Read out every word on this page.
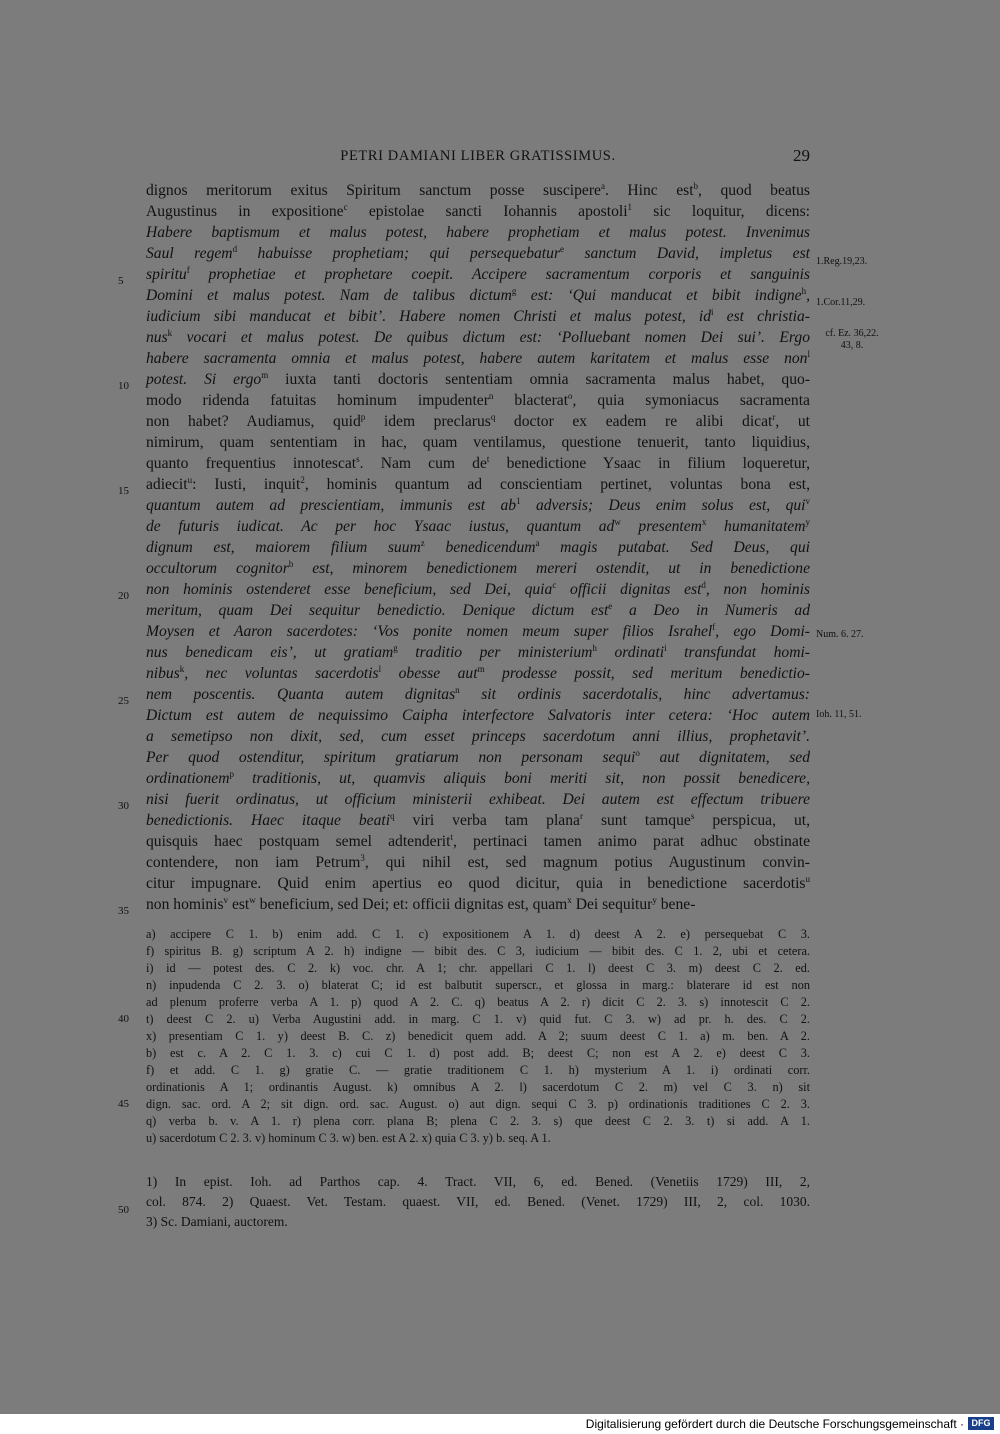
PETRI DAMIANI LIBER GRATISSIMUS.	29
dignos meritorum exitus Spiritum sanctum posse suscipere$^a$. Hinc est$^b$, quod beatus
Augustinus in expositione$^c$ epistolae sancti Iohannis apostoli$^1$ sic loquitur, dicens:
Habere baptismum et malus potest, habere prophetiam et malus potest. Invenimus
Saul regem$^d$ habuisse prophetiam; qui persequebatur$^e$ sanctum David, impletus est
spiritu$^f$ prophetiae et prophetare coepit. Accipere sacramentum corporis et sanguinis
Domini et malus potest. Nam de talibus dictum$^g$ est: ‘Qui manducat et bibit indigne$^h$,
iudicium sibi manducat et bibit’. Habere nomen Christi et malus potest, $id^i$ est christia-
nus$^k$ vocari et malus potest. De quibus dictum est: ‘Polluebant nomen Dei sui’. Ergo
habere sacramenta omnia et malus potest, habere autem karitatem et malus esse non$^l$
potest. Si ergo$^m$ iuxta tanti doctoris sententiam omnia sacramenta malus habet, quo-
modo ridenda fatuitas hominum impudenter$^n$ blacterat$^o$, quia symoniacus sacramenta
non habet? Audiamus, quid$^p$ idem preclarus$^q$ doctor ex eadem re alibi dicat$^r$, ut
nimirum, quam sententiam in hac, quam ventilamus, questione tenuerit, tanto liquidius,
quanto frequentius innotescat$^s$. Nam cum $de^t$ benedictione Ysaac in filium loqueretur,
adiecit$^u$: Iusti, inquit$^2$, hominis quantum ad conscientiam pertinet, voluntas bona est,
quantum autem ad prescientiam, immunis est $ab^1$ adversis; Deus enim solus est, qui$^v$
de futuris iudicat. Ac per hoc Ysaac iustus, quantum $ad^w$ presentem$^x$ humanitatem$^y$
dignum est, maiorem filium suum$^z$ benedicendum$^a$ magis putabat. Sed Deus, qui
occultorum cognitor$^b$ est, minorem benedictionem mereri ostendit, ut in benedictione
non hominis ostenderet esse beneficium, sed Dei, quia$^c$ officii dignitas est$^d$, non hominis
meritum, quam Dei sequitur benedictio. Denique dictum est$^e$ a Deo in Numeris ad
Moysen et Aaron sacerdotes: ‘Vos ponite nomen meum super filios Israhel$^f$, ego Domi-
nus benedicam eis’, ut gratiam$^g$ traditio per ministerium$^h$ ordinati$^i$ transfundat homi-
nibus$^k$, nec voluntas sacerdotis$^l$ obesse aut$^m$ prodesse possit, sed meritum benedictio-
nem poscentis. Quanta autem dignitas$^n$ sit ordinis sacerdotalis, hinc advertamus:
Dictum est autem de nequissimo Caipha interfectore Salvatoris inter cetera: ‘Hoc autem
a semetipso non dixit, sed, cum esset princeps sacerdotum anni illius, prophetavit’.
Per quod ostenditur, spiritum gratiarum non personam sequi$^o$ aut dignitatem, sed
ordinationem$^p$ traditionis, ut, quamvis aliquis boni meriti sit, non possit benedicere,
nisi fuerit ordinatus, ut officium ministerii exhibeat. Dei autem est effectum tribuere
benedictionis. Haec itaque beati$^q$ viri verba tam plana$^r$ sunt tamque$^s$ perspicua, ut,
quisquis haec postquam semel adtenderit$^t$, pertinaci tamen animo parat adhuc obstinate
contendere, non iam Petrum$^3$, qui nihil est, sed magnum potius Augustinum convin-
citur impugnare. Quid enim apertius eo quod dicitur, quia in benedictione sacerdotis$^u$
non hominis$^v$ est$^w$ beneficium, sed Dei; et: officii dignitas est, quam$^x$ Dei sequitur$^y$ bene-
5
10
15
20
25
30
35
1.Reg.19,23.
1.Cor.11,29.
cf. Ez. 36,22.
43, 8.
Num. 6. 27.
Ioh. 11, 51.
a) accipere C 1. b) enim add. C 1. c) expositionem A 1. d) deest A 2. e) persequebat C 3.
f) spiritus B. g) scriptum A 2. h) indigne — bibit des. C 3, iudicium — bibit des. C 1. 2, ubi et cetera.
i) id — potest des. C 2. k) voc. chr. A 1; chr. appellari C 1. l) deest C 3. m) deest C 2. ed.
n) inpudenda C 2. 3. o) blaterat C; id est balbutit superscr., et glossa in marg.: blaterare id est non
ad plenum proferre verba A 1. p) quod A 2. C. q) beatus A 2. r) dicit C 2. 3. s) innotescit C 2.
t) deest C 2. u) Verba Augustini add. in marg. C 1. v) quid fut. C 3. w) ad pr. h. des. C 2.
x) presentiam C 1. y) deest B. C. z) benedicit quem add. A 2; suum deest C 1. a) m. ben. A 2.
b) est c. A 2. C 1. 3. c) cui C 1. d) post add. B; deest C; non est A 2. e) deest C 3.
f) et add. C 1. g) gratie C. — gratie traditionem C 1. h) mysterium A 1. i) ordinati corr.
ordinationis A 1; ordinantis August. k) omnibus A 2. l) sacerdotum C 2. m) vel C 3. n) sit
dign. sac. ord. A 2; sit dign. ord. sac. August. o) aut dign. sequi C 3. p) ordinationis traditiones C 2. 3.
q) verba b. v. A 1. r) plena corr. plana B; plena C 2. 3. s) que deest C 2. 3. t) si add. A 1.
u) sacerdotum C 2. 3. v) hominum C 3. w) ben. est A 2. x) quia C 3. y) b. seq. A 1.
40
45
1) In epist. Ioh. ad Parthos cap. 4. Tract. VII, 6, ed. Bened. (Venetiis 1729) III, 2,
col. 874. 2) Quaest. Vet. Testam. quaest. VII, ed. Bened. (Venet. 1729) III, 2, col. 1030.
3) Sc. Damiani, auctorem.
50
Digitalisierung gefördert durch die Deutsche Forschungsgemeinschaft · DFG
